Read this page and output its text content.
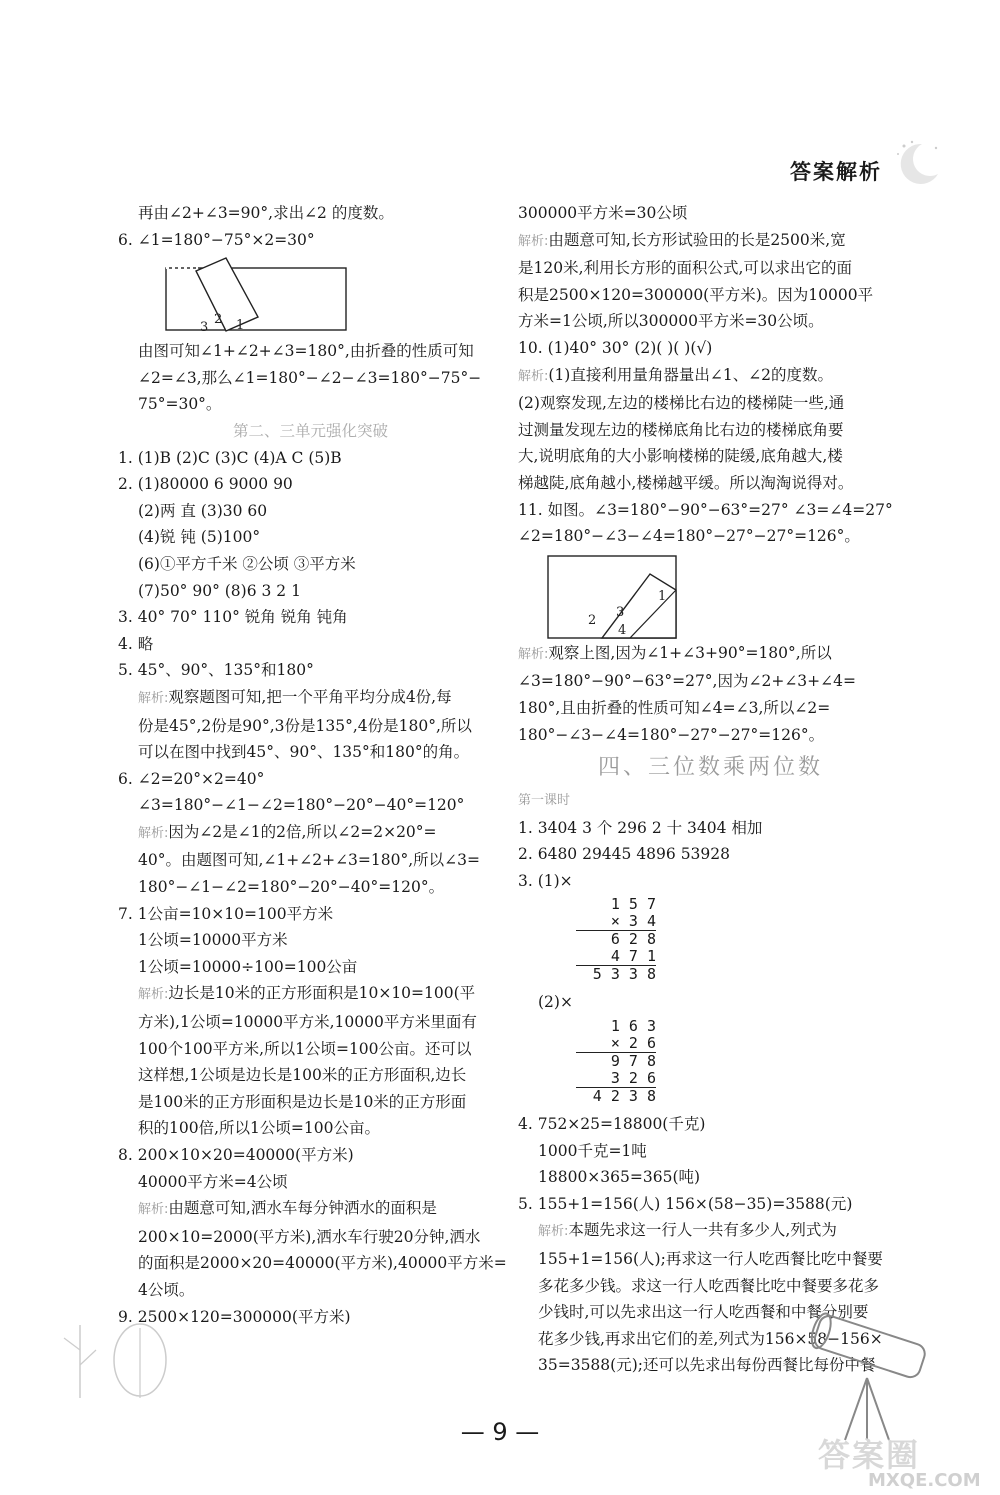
答案解析
再由∠2+∠3=90°,求出∠2 的度数。
6. ∠1=180°−75°×2=30°
3
2 1
由图可知∠1+∠2+∠3=180°,由折叠的性质可知
∠2=∠3,那么∠1=180°−∠2−∠3=180°−75°−
75°=30°。
第二、三单元强化突破
1. (1)B (2)C (3)C (4)A C (5)B
2. (1)80000 6 9000 90
(2)两 直 (3)30 60
(4)锐 钝 (5)100°
(6)①平方千米 ②公顷 ③平方米
(7)50° 90° (8)6 3 2 1
3. 40° 70° 110° 锐角 锐角 钝角
4. 略
5. 45°、90°、135°和180°
解析:观察题图可知,把一个平角平均分成4份,每
份是45°,2份是90°,3份是135°,4份是180°,所以
可以在图中找到45°、90°、135°和180°的角。
6. ∠2=20°×2=40°
∠3=180°−∠1−∠2=180°−20°−40°=120°
解析:因为∠2是∠1的2倍,所以∠2=2×20°=
40°。由题图可知,∠1+∠2+∠3=180°,所以∠3=
180°−∠1−∠2=180°−20°−40°=120°。
7. 1公亩=10×10=100平方米
1公顷=10000平方米
1公顷=10000÷100=100公亩
解析:边长是10米的正方形面积是10×10=100(平
方米),1公顷=10000平方米,10000平方米里面有
100个100平方米,所以1公顷=100公亩。还可以
这样想,1公顷是边长是100米的正方形面积,边长
是100米的正方形面积是边长是10米的正方形面
积的100倍,所以1公顷=100公亩。
8. 200×10×20=40000(平方米)
40000平方米=4公顷
解析:由题意可知,洒水车每分钟洒水的面积是
200×10=2000(平方米),洒水车行驶20分钟,洒水
的面积是2000×20=40000(平方米),40000平方米=
4公顷。
9. 2500×120=300000(平方米)
300000平方米=30公顷
解析:由题意可知,长方形试验田的长是2500米,宽
是120米,利用长方形的面积公式,可以求出它的面
积是2500×120=300000(平方米)。因为10000平
方米=1公顷,所以300000平方米=30公顷。
10. (1)40° 30° (2)( )( )(√)
解析:(1)直接利用量角器量出∠1、∠2的度数。
(2)观察发现,左边的楼梯比右边的楼梯陡一些,通
过测量发现左边的楼梯底角比右边的楼梯底角要
大,说明底角的大小影响楼梯的陡缓,底角越大,楼
梯越陡,底角越小,楼梯越平缓。所以淘淘说得对。
11. 如图。∠3=180°−90°−63°=27° ∠3=∠4=27°
∠2=180°−∠3−∠4=180°−27°−27°=126°。
2
3
4
1
解析:观察上图,因为∠1+∠3+90°=180°,所以
∠3=180°−90°−63°=27°,因为∠2+∠3+∠4=
180°,且由折叠的性质可知∠4=∠3,所以∠2=
180°−∠3−∠4=180°−27°−27°=126°。
四、三位数乘两位数
第一课时
1. 3404 3 个 296 2 十 3404 相加
2. 6480 29445 4896 53928
3. (1)×
1 5 7
× 3 4
6 2 8
4 7 1
5 3 3 8
(2)×
1 6 3
× 2 6
9 7 8
3 2 6
4 2 3 8
4. 752×25=18800(千克)
1000千克=1吨
18800×365=365(吨)
5. 155+1=156(人) 156×(58−35)=3588(元)
解析:本题先求这一行人一共有多少人,列式为
155+1=156(人);再求这一行人吃西餐比吃中餐要
多花多少钱。求这一行人吃西餐比吃中餐要多花多
少钱时,可以先求出这一行人吃西餐和中餐分别要
花多少钱,再求出它们的差,列式为156×58−156×
35=3588(元);还可以先求出每份西餐比每份中餐
— 9 —
答案圈
MXQE.COM
